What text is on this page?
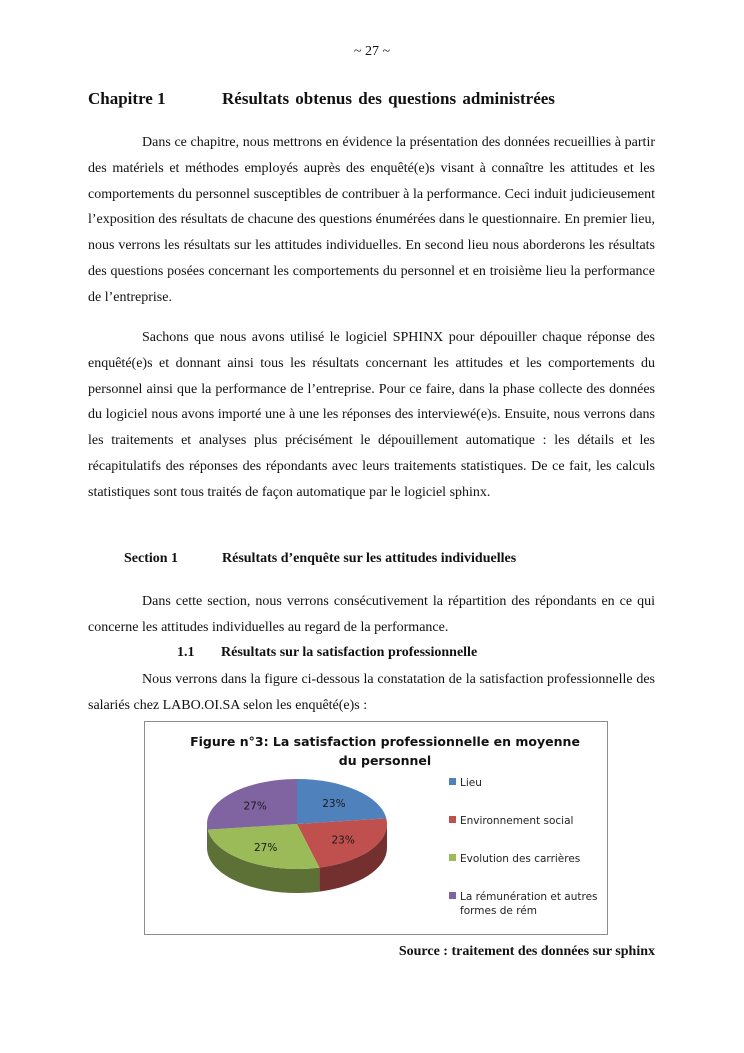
~ 27 ~
Chapitre 1	Résultats obtenus des questions administrées

Dans ce chapitre, nous mettrons en évidence la présentation des données recueillies à partir des matériels et méthodes employés auprès des enquêté(e)s visant à connaître les attitudes et les comportements du personnel susceptibles de contribuer à la performance. Ceci induit judicieusement l’exposition des résultats de chacune des questions énumérées dans le questionnaire. En premier lieu, nous verrons les résultats sur les attitudes individuelles. En second lieu nous aborderons les résultats des questions posées concernant les comportements du personnel et en troisième lieu la performance de l’entreprise.

Sachons que nous avons utilisé le logiciel SPHINX pour dépouiller chaque réponse des enquêté(e)s et donnant ainsi tous les résultats concernant les attitudes et les comportements du personnel ainsi que la performance de l’entreprise. Pour ce faire, dans la phase collecte des données du logiciel nous avons importé une à une les réponses des interviewé(e)s. Ensuite, nous verrons dans les traitements et analyses plus précisément le dépouillement automatique : les détails et les récapitulatifs des réponses des répondants avec leurs traitements statistiques. De ce fait, les calculs statistiques sont tous traités de façon automatique par le logiciel sphinx.

Section 1	Résultats d’enquête sur les attitudes individuelles

Dans cette section, nous verrons consécutivement la répartition des répondants en ce qui concerne les attitudes individuelles au regard de la performance.

1.1 Résultats sur la satisfaction professionnelle

Nous verrons dans la figure ci-dessous la constatation de la satisfaction professionnelle des salariés chez LABO.OI.SA selon les enquêté(e)s :

Figure n°3: La satisfaction professionnelle en moyenne du personnel
23%
23%
27%
27%
Lieu
Environnement social
Evolution des carrières
La rémunération et autres
formes de rém
Source : traitement des données sur sphinx
